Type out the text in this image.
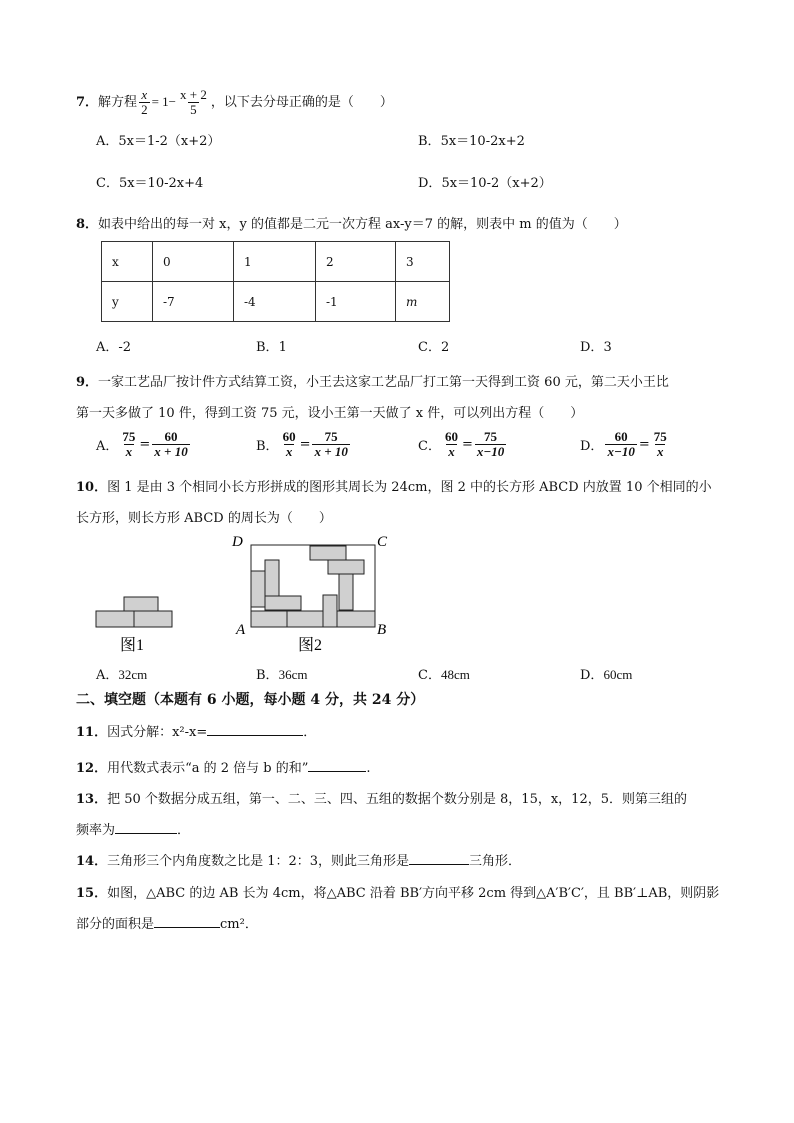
7．解方程 $\frac{x}{2} = 1- \frac{x + 2}{5}$ ，以下去分母正确的是（　　）
A．5x＝1-2（x+2）	B．5x＝10-2x+2
C．5x＝10-2x+4	D．5x＝10-2（x+2）
8．如表中给出的每一对 x，y 的值都是二元一次方程 ax-y＝7 的解，则表中 m 的值为（　　）
x	0	1	2	3
y	-7	-4	-1	m
A．-2	B．1	C．2	D．3
9．一家工艺品厂按计件方式结算工资，小王去这家工艺品厂打工第一天得到工资 60 元，第二天小王比
第一天多做了 10 件，得到工资 75 元，设小王第一天做了 x 件，可以列出方程（　　）
A． $\frac{75}{x} = \frac{60}{x + 10}$	B． $\frac{60}{x} = \frac{75}{x + 10}$	C． $\frac{60}{x} = \frac{75}{x-10}$	D． $\frac{60}{x-10} = \frac{75}{x}$
10．图 1 是由 3 个相同小长方形拼成的图形其周长为 24cm，图 2 中的长方形 ABCD 内放置 10 个相同的小
长方形，则长方形 ABCD 的周长为（　　）
D	C
A	B
图1	图2
A．32cm	B．36cm	C．48cm	D．60cm
二、填空题（本题有 6 小题，每小题 4 分，共 24 分）
11．因式分解：x²-x=	．
12．用代数式表示“a 的 2 倍与 b 的和”	.
13．把 50 个数据分成五组，第一、二、三、四、五组的数据个数分别是 8，15，x，12，5．则第三组的
频率为	．
14．三角形三个内角度数之比是 1：2：3，则此三角形是	三角形．
15．如图，△ABC 的边 AB 长为 4cm，将△ABC 沿着 BB′方向平移 2cm 得到△A′B′C′，且 BB′⊥AB，则阴影
部分的面积是	cm²．
